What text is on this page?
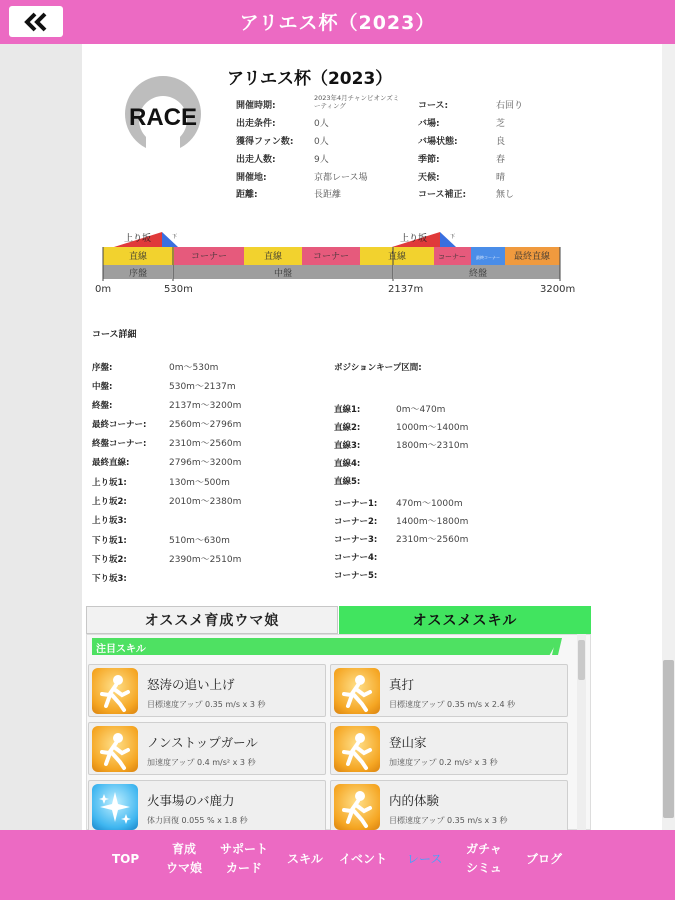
アリエス杯（2023）
RACE
アリエス杯（2023）
開催時期:
2023年4月チャンピオンズミーティング
出走条件:	0人
獲得ファン数: 0人
出走人数:	9人
開催地:	京都レース場
距離:	長距離
コース:	右回り
バ場:	芝
バ場状態:	良
季節:	春
天候:	晴
コース補正:	無し
上り坂	下	上り坂	下
直線	コーナー	直線	コーナー	直線	コーナー	最終コーナー 最終直線
序盤	中盤	終盤
0m	530m	2137m	3200m
コース詳細
序盤:	0m〜530m
中盤:	530m〜2137m
終盤:	2137m〜3200m
最終コーナー:	2560m〜2796m
終盤コーナー:	2310m〜2560m
最終直線:	2796m〜3200m
上り坂1:	130m〜500m
上り坂2:	2010m〜2380m
上り坂3:
下り坂1:	510m〜630m
下り坂2:	2390m〜2510m
下り坂3:
ポジションキープ区間:
直線1:	0m〜470m
直線2:	1000m〜1400m
直線3:	1800m〜2310m
直線4:
直線5:
コーナー1: 470m〜1000m
コーナー2: 1400m〜1800m
コーナー3: 2310m〜2560m
コーナー4:
コーナー5:
オススメ育成ウマ娘	オススメスキル
注目スキル
怒涛の追い上げ
目標速度アップ 0.35 m/s x 3 秒
真打
目標速度アップ 0.35 m/s x 2.4 秒
ノンストップガール
加速度アップ 0.4 m/s² x 3 秒
登山家
加速度アップ 0.2 m/s² x 3 秒
火事場のバ鹿力
体力回復 0.055 % x 1.8 秒
内的体験
目標速度アップ 0.35 m/s x 3 秒
TOP
育成
ウマ娘
サポート
カード
スキル イベント レース
ガチャ
シミュ
ブログ
